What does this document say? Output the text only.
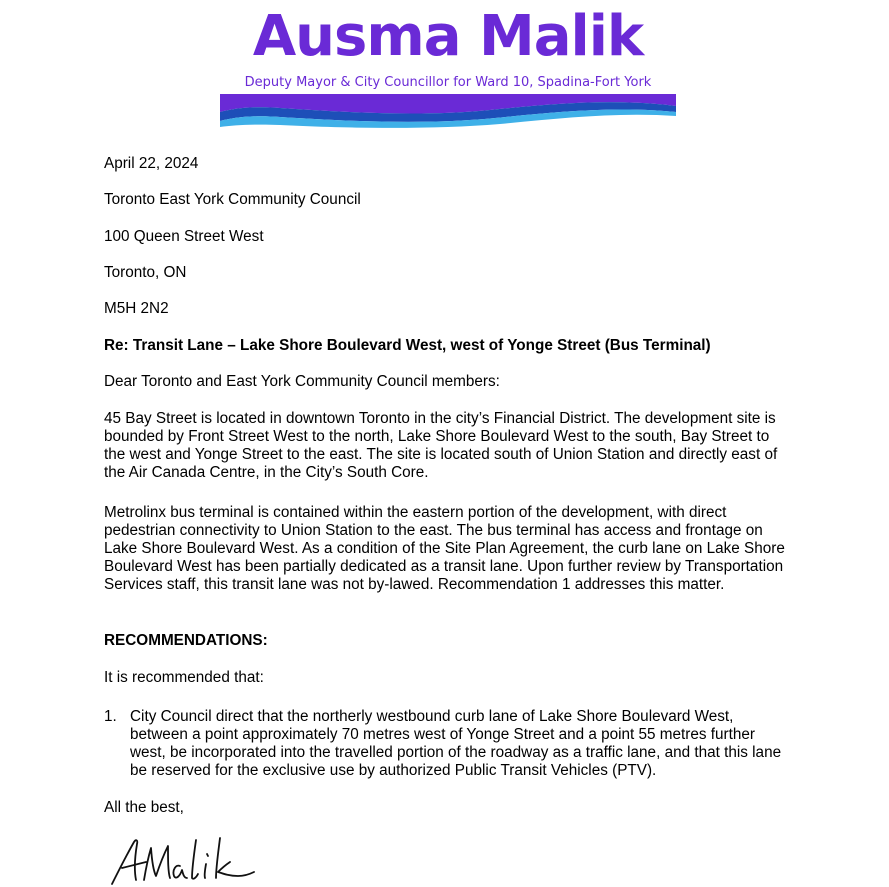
Ausma Malik
Deputy Mayor & City Councillor for Ward 10, Spadina-Fort York
April 22, 2024
Toronto East York Community Council
100 Queen Street West
Toronto, ON
M5H 2N2
Re: Transit Lane – Lake Shore Boulevard West, west of Yonge Street (Bus Terminal)
Dear Toronto and East York Community Council members:
45 Bay Street is located in downtown Toronto in the city’s Financial District. The development site is bounded by Front Street West to the north, Lake Shore Boulevard West to the south, Bay Street to the west and Yonge Street to the east. The site is located south of Union Station and directly east of the Air Canada Centre, in the City’s South Core.
Metrolinx bus terminal is contained within the eastern portion of the development, with direct pedestrian connectivity to Union Station to the east. The bus terminal has access and frontage on Lake Shore Boulevard West. As a condition of the Site Plan Agreement, the curb lane on Lake Shore Boulevard West has been partially dedicated as a transit lane. Upon further review by Transportation Services staff, this transit lane was not by-lawed. Recommendation 1 addresses this matter.
RECOMMENDATIONS:
It is recommended that:
1. City Council direct that the northerly westbound curb lane of Lake Shore Boulevard West, between a point approximately 70 metres west of Yonge Street and a point 55 metres further west, be incorporated into the travelled portion of the roadway as a traffic lane, and that this lane be reserved for the exclusive use by authorized Public Transit Vehicles (PTV).
All the best,
